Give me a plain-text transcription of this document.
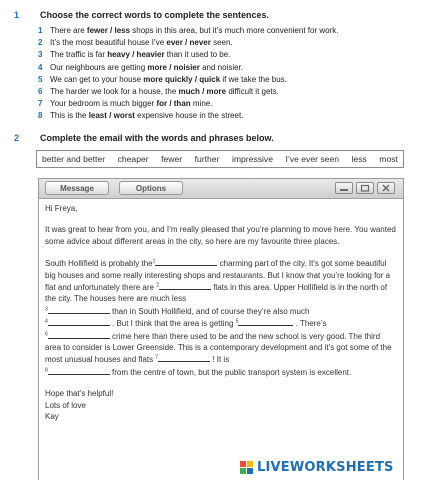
1 Choose the correct words to complete the sentences.
1 There are fewer / less shops in this area, but it’s much more convenient for work.
2 It’s the most beautiful house I’ve ever / never seen.
3 The traffic is far heavy / heavier than it used to be.
4 Our neighbours are getting more / noisier and noisier.
5 We can get to your house more quickly / quick if we take the bus.
6 The harder we look for a house, the much / more difficult it gets.
7 Your bedroom is much bigger for / than mine.
8 This is the least / worst expensive house in the street.
2 Complete the email with the words and phrases below.
better and better cheaper fewer further impressive I’ve ever seen less most
Message	Options

Hi Freya,

It was great to hear from you, and I’m really pleased that you’re planning to move here. You wanted some advice about different areas in the city, so here are my favourite three places.

South Hollifield is probably the$^1$	charming part of the city. It’s got some beautiful big houses and some really interesting shops and restaurants. But I know that you’re looking for a flat and unfortunately there are $^2$	flats in this area. Upper Hollifield is in the north of the city. The houses here are much less
$^3$	than in South Hollifield, and of course they’re also much
$^4$	. But I think that the area is getting $^5$	. There’s
$^6$	crime here than there used to be and the new school is very good. The third area to consider is Lower Greenside. This is a contemporary development and it’s got some of the most unusual houses and flats $^7$	! It is
$^8$	from the centre of town, but the public transport system is excellent.

Hope that’s helpful!

Lots of love

Kay

LIVEWORKSHEETS
